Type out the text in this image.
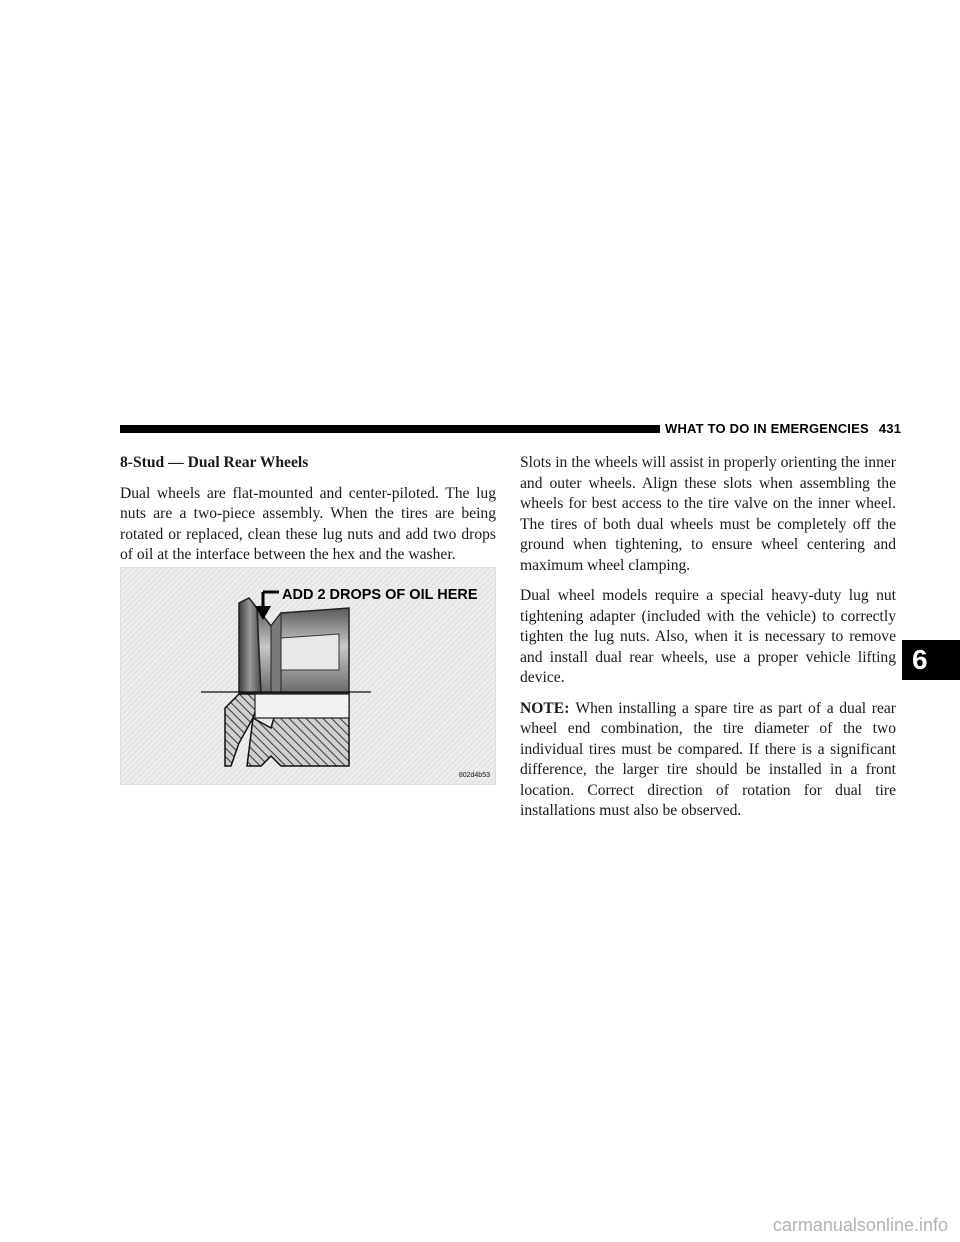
WHAT TO DO IN EMERGENCIES 431

8-Stud — Dual Rear Wheels

Dual wheels are flat-mounted and center-piloted. The lug nuts are a two-piece assembly. When the tires are being rotated or replaced, clean these lug nuts and add two drops of oil at the interface between the hex and the washer.

ADD 2 DROPS OF OIL HERE
802d4b53

Slots in the wheels will assist in properly orienting the inner and outer wheels. Align these slots when assembling the wheels for best access to the tire valve on the inner wheel. The tires of both dual wheels must be completely off the ground when tightening, to ensure wheel centering and maximum wheel clamping.

Dual wheel models require a special heavy-duty lug nut tightening adapter (included with the vehicle) to correctly tighten the lug nuts. Also, when it is necessary to remove and install dual rear wheels, use a proper vehicle lifting device.

NOTE: When installing a spare tire as part of a dual rear wheel end combination, the tire diameter of the two individual tires must be compared. If there is a significant difference, the larger tire should be installed in a front location. Correct direction of rotation for dual tire installations must also be observed.

6
carmanualsonline.info
